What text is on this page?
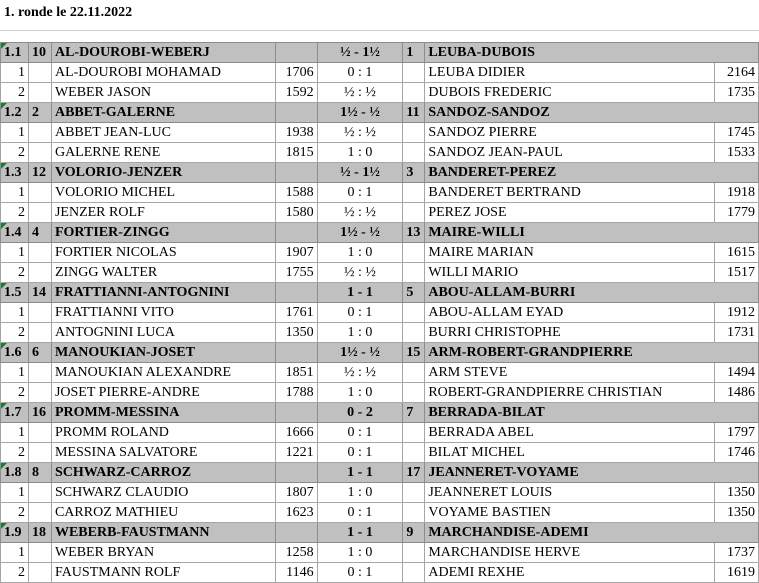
1. ronde le 22.11.2022
1.1	10	AL-DOUROBI-WEBERJ		½ - 1½	1	LEUBA-DUBOIS	
1		AL-DOUROBI MOHAMAD	1706	0 : 1		LEUBA DIDIER	2164
2		WEBER JASON	1592	½ : ½		DUBOIS FREDERIC	1735
1.2	2	ABBET-GALERNE		1½ - ½	11	SANDOZ-SANDOZ	
1		ABBET JEAN-LUC	1938	½ : ½		SANDOZ PIERRE	1745
2		GALERNE RENE	1815	1 : 0		SANDOZ JEAN-PAUL	1533
1.3	12	VOLORIO-JENZER		½ - 1½	3	BANDERET-PEREZ	
1		VOLORIO MICHEL	1588	0 : 1		BANDERET BERTRAND	1918
2		JENZER ROLF	1580	½ : ½		PEREZ JOSE	1779
1.4	4	FORTIER-ZINGG		1½ - ½	13	MAIRE-WILLI	
1		FORTIER NICOLAS	1907	1 : 0		MAIRE MARIAN	1615
2		ZINGG WALTER	1755	½ : ½		WILLI MARIO	1517
1.5	14	FRATTIANNI-ANTOGNINI		1 - 1	5	ABOU-ALLAM-BURRI	
1		FRATTIANNI VITO	1761	0 : 1		ABOU-ALLAM EYAD	1912
2		ANTOGNINI LUCA	1350	1 : 0		BURRI CHRISTOPHE	1731
1.6	6	MANOUKIAN-JOSET		1½ - ½	15	ARM-ROBERT-GRANDPIERRE	
1		MANOUKIAN ALEXANDRE	1851	½ : ½		ARM STEVE	1494
2		JOSET PIERRE-ANDRE	1788	1 : 0		ROBERT-GRANDPIERRE CHRISTIAN	1486
1.7	16	PROMM-MESSINA		0 - 2	7	BERRADA-BILAT	
1		PROMM ROLAND	1666	0 : 1		BERRADA ABEL	1797
2		MESSINA SALVATORE	1221	0 : 1		BILAT MICHEL	1746
1.8	8	SCHWARZ-CARROZ		1 - 1	17	JEANNERET-VOYAME	
1		SCHWARZ CLAUDIO	1807	1 : 0		JEANNERET LOUIS	1350
2		CARROZ MATHIEU	1623	0 : 1		VOYAME BASTIEN	1350
1.9	18	WEBERB-FAUSTMANN		1 - 1	9	MARCHANDISE-ADEMI	
1		WEBER BRYAN	1258	1 : 0		MARCHANDISE HERVE	1737
2		FAUSTMANN ROLF	1146	0 : 1		ADEMI REXHE	1619
